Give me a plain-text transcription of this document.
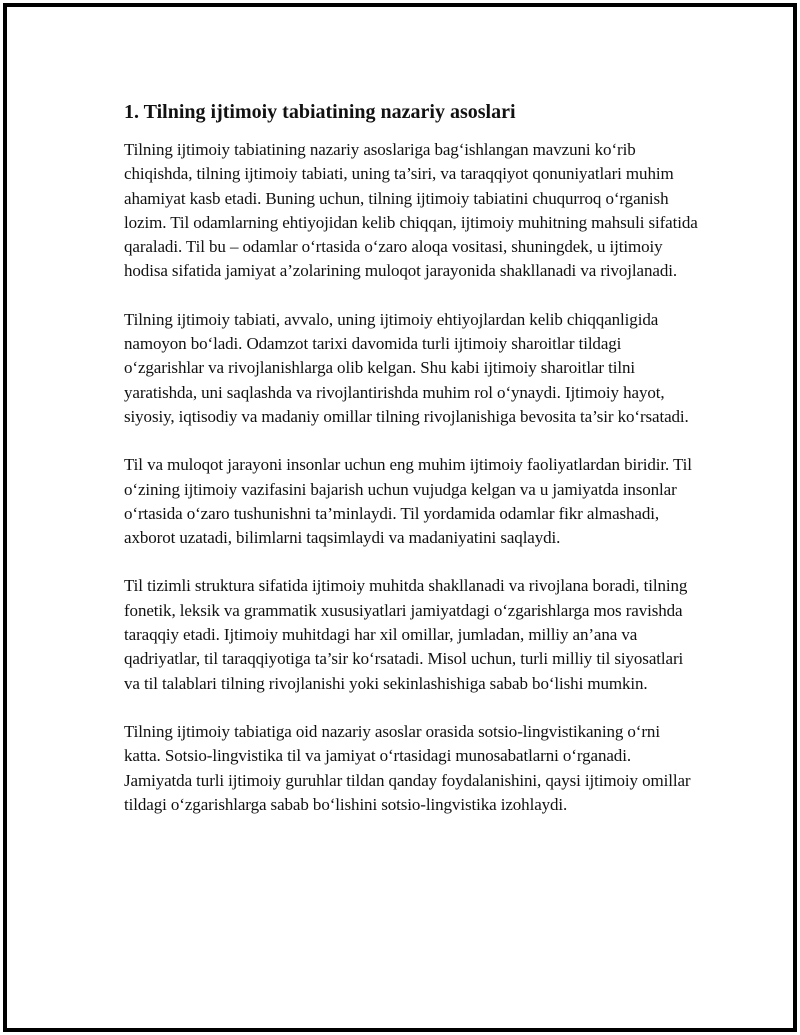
1. Tilning ijtimoiy tabiatining nazariy asoslari

Tilning ijtimoiy tabiatining nazariy asoslariga bag‘ishlangan mavzuni ko‘rib chiqishda, tilning ijtimoiy tabiati, uning ta’siri, va taraqqiyot qonuniyatlari muhim ahamiyat kasb etadi. Buning uchun, tilning ijtimoiy tabiatini chuqurroq o‘rganish lozim. Til odamlarning ehtiyojidan kelib chiqqan, ijtimoiy muhitning mahsuli sifatida qaraladi. Til bu – odamlar o‘rtasida o‘zaro aloqa vositasi, shuningdek, u ijtimoiy hodisa sifatida jamiyat a’zolarining muloqot jarayonida shakllanadi va rivojlanadi.

Tilning ijtimoiy tabiati, avvalo, uning ijtimoiy ehtiyojlardan kelib chiqqanligida namoyon bo‘ladi. Odamzot tarixi davomida turli ijtimoiy sharoitlar tildagi o‘zgarishlar va rivojlanishlarga olib kelgan. Shu kabi ijtimoiy sharoitlar tilni yaratishda, uni saqlashda va rivojlantirishda muhim rol o‘ynaydi. Ijtimoiy hayot, siyosiy, iqtisodiy va madaniy omillar tilning rivojlanishiga bevosita ta’sir ko‘rsatadi.

Til va muloqot jarayoni insonlar uchun eng muhim ijtimoiy faoliyatlardan biridir. Til o‘zining ijtimoiy vazifasini bajarish uchun vujudga kelgan va u jamiyatda insonlar o‘rtasida o‘zaro tushunishni ta’minlaydi. Til yordamida odamlar fikr almashadi, axborot uzatadi, bilimlarni taqsimlaydi va madaniyatini saqlaydi.

Til tizimli struktura sifatida ijtimoiy muhitda shakllanadi va rivojlana boradi, tilning fonetik, leksik va grammatik xususiyatlari jamiyatdagi o‘zgarishlarga mos ravishda taraqqiy etadi. Ijtimoiy muhitdagi har xil omillar, jumladan, milliy an’ana va qadriyatlar, til taraqqiyotiga ta’sir ko‘rsatadi. Misol uchun, turli milliy til siyosatlari va til talablari tilning rivojlanishi yoki sekinlashishiga sabab bo‘lishi mumkin.

Tilning ijtimoiy tabiatiga oid nazariy asoslar orasida sotsio-lingvistikaning o‘rni katta. Sotsio-lingvistika til va jamiyat o‘rtasidagi munosabatlarni o‘rganadi. Jamiyatda turli ijtimoiy guruhlar tildan qanday foydalanishini, qaysi ijtimoiy omillar tildagi o‘zgarishlarga sabab bo‘lishini sotsio-lingvistika izohlaydi.
